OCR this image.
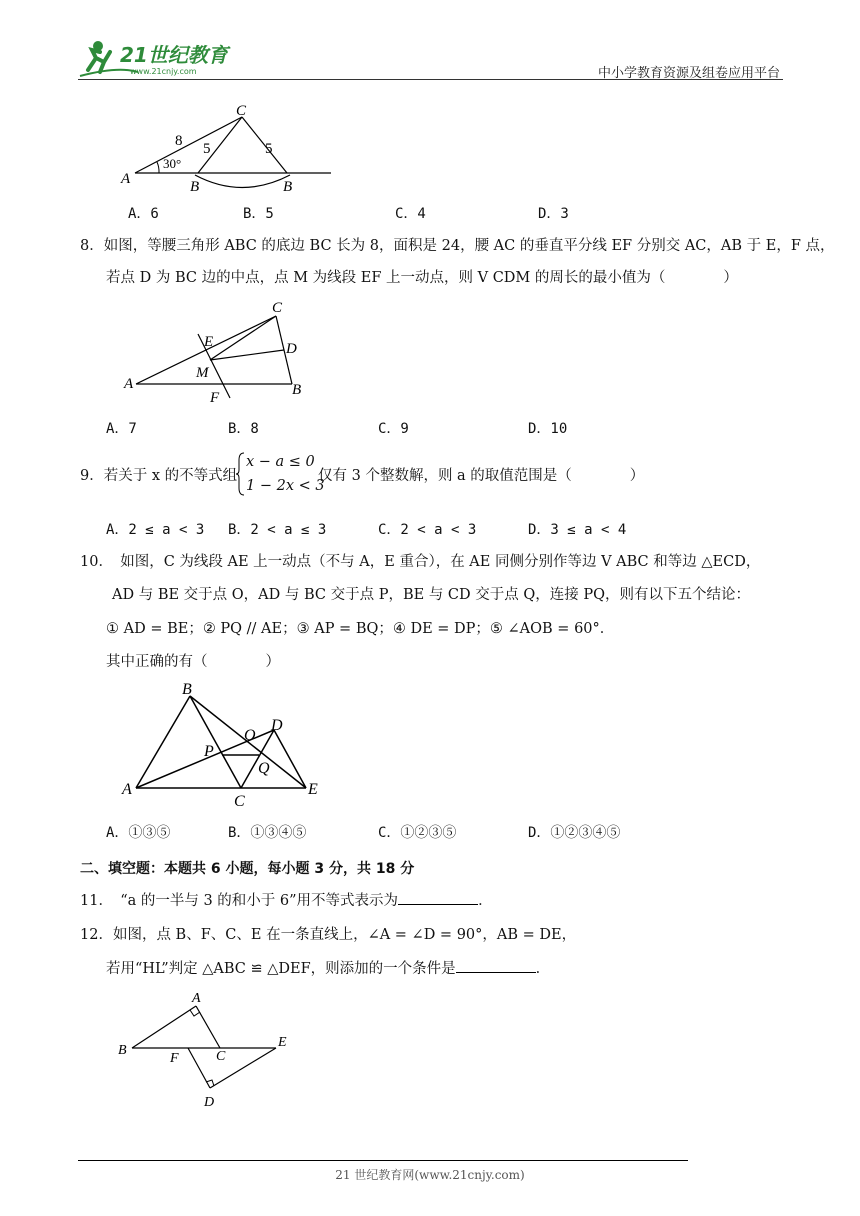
21世纪教育
www.21cnjy.com	中小学教育资源及组卷应用平台
C
A	B	B
8 5	5
30°
A．6	B．5	C．4	D．3
8．如图，等腰三角形 ABC 的底边 BC 长为 8，面积是 24，腰 AC 的垂直平分线 EF 分别交 AC，AB 于 E，F 点，
若点 D 为 BC 边的中点，点 M 为线段 EF 上一动点，则 V CDM 的周长的最小值为（　　　　）
C
E	D
M
A
F	B
A．7	B．8	C．9	D．10
9．若关于 x 的不等式组
x − a ≤ 0
1 − 2x < 3
仅有 3 个整数解，则 a 的取值范围是（　　　　）
A．2 ≤ a < 3 B．2 < a ≤ 3	C．2 < a < 3	D．3 ≤ a < 4
10．　如图，C 为线段 AE 上一动点（不与 A，E 重合），在 AE 同侧分别作等边 V ABC 和等边 △ECD，
AD 与 BE 交于点 O，AD 与 BC 交于点 P，BE 与 CD 交于点 Q，连接 PQ，则有以下五个结论：
① AD = BE；② PQ // AE；③ AP = BQ；④ DE = DP；⑤ ∠AOB = 60°．
其中正确的有（　　　　）
B
O
D
P
Q
A
C
E
A．①③⑤	B．①③④⑤	C．①②③⑤	D．①②③④⑤
二、填空题：本题共 6 小题，每小题 3 分，共 18 分
11．　“a 的一半与 3 的和小于 6”用不等式表示为	．
12．如图，点 B、F、C、E 在一条直线上，∠A = ∠D = 90°，AB = DE，
若用“HL”判定 △ABC ≌ △DEF，则添加的一个条件是	．
A
B
F	C
E
D
21 世纪教育网(www.21cnjy.com)
